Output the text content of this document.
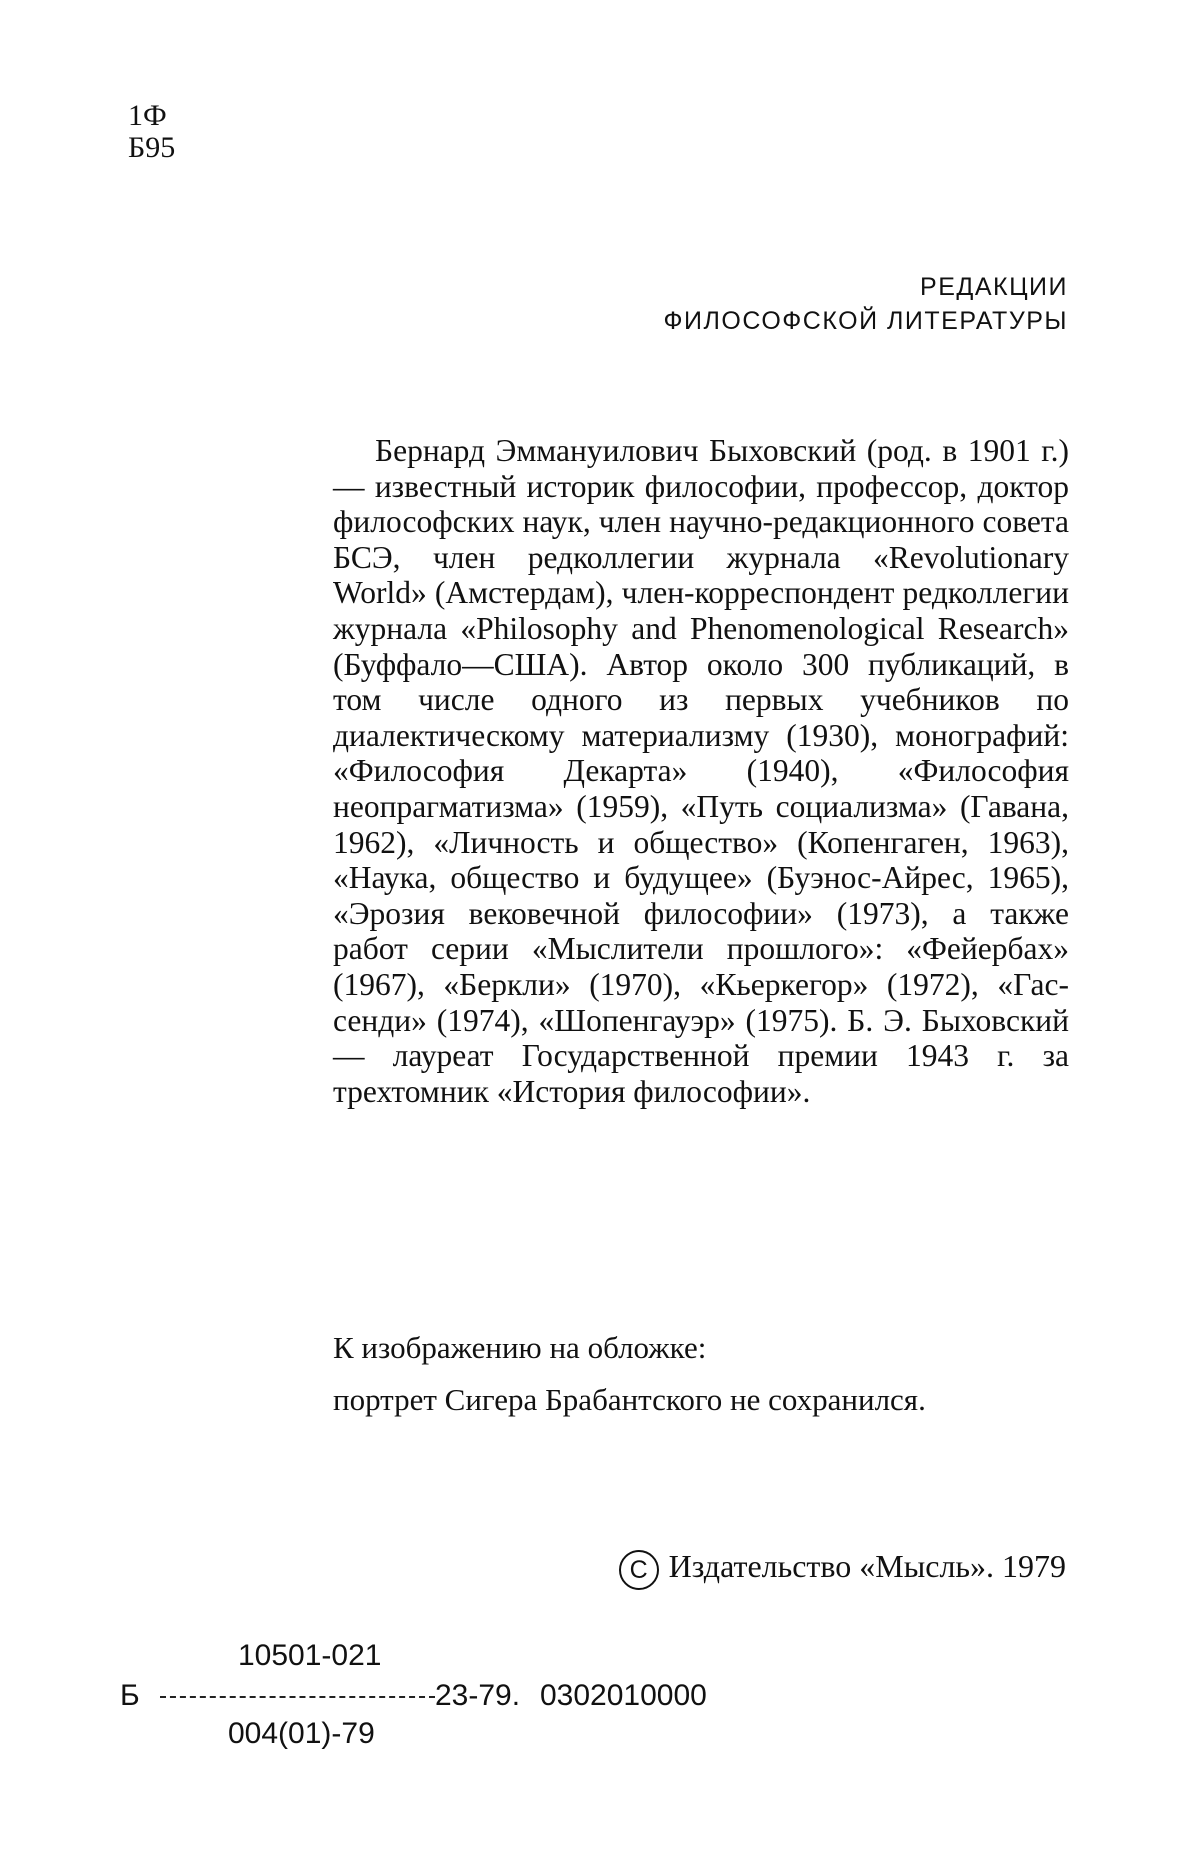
1Ф
Б95
РЕДАКЦИИ
ФИЛОСОФСКОЙ ЛИТЕРАТУРЫ
Бернард Эммануилович Быховский (род. в 1901 г.) — известный историк философии, профессор, доктор философских наук, член научно-редакционного совета БСЭ, член редколлегии журнала «Revolutionary World» (Амстердам), член-корреспондент редколлегии журнала «Philosophy and Phenomenological Research» (Буффало—США). Автор около 300 публикаций, в том числе одного из первых учебников по диалектическому материализму (1930), монографий: «Философия Декарта» (1940), «Философия неопрагматизма» (1959), «Путь социализма» (Гавана, 1962), «Личность и общество» (Копенгаген, 1963), «Наука, общество и будущее» (Буэнос-Айрес, 1965), «Эрозия вековечной философии» (1973), а также работ серии «Мыслители прошлого»: «Фейербах» (1967), «Беркли» (1970), «Кьеркегор» (1972), «Гассенди» (1974), «Шопенгауэр» (1975). Б. Э. Быховский — лауреат Государственной премии 1943 г. за трехтомник «История философии».
К изображению на обложке:
портрет Сигера Брабантского не сохранился.
C Издательство «Мысль». 1979
Б
10501-021
004(01)-79
23-79. 0302010000
